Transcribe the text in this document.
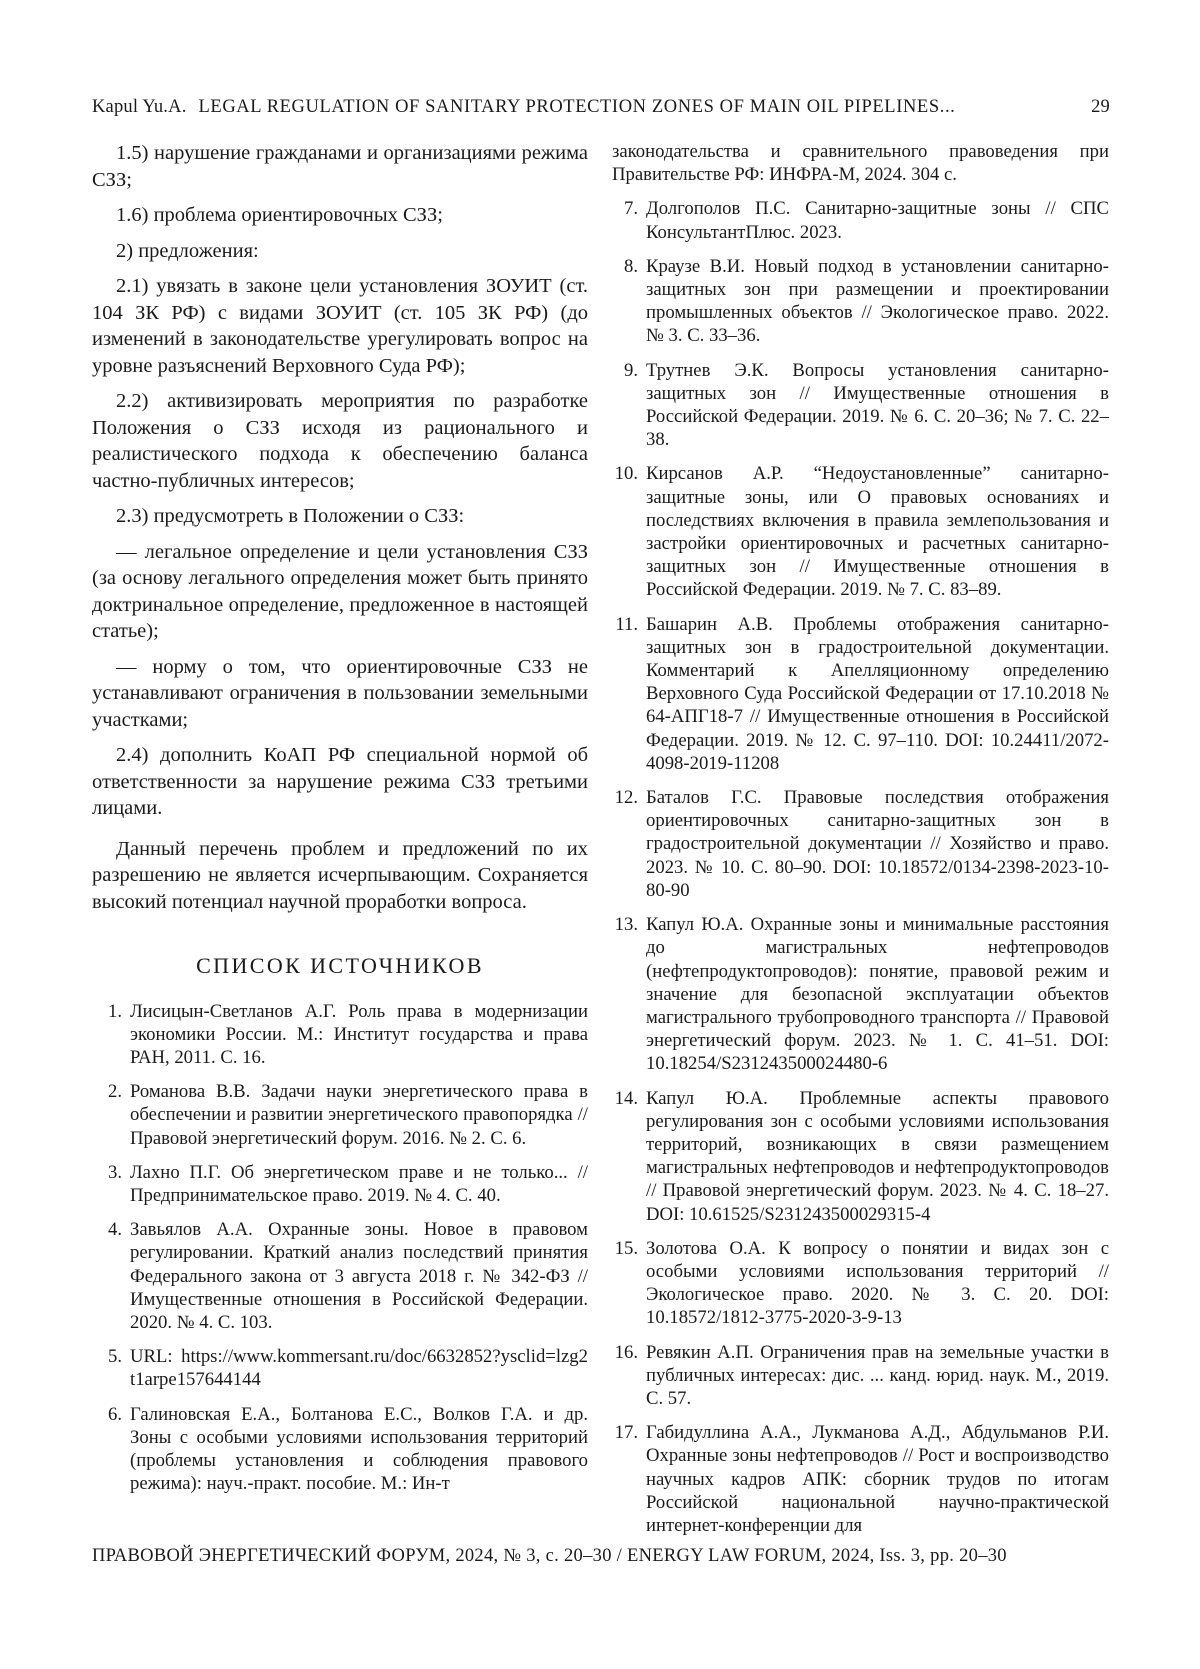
Kapul Yu.A. LEGAL REGULATION OF SANITARY PROTECTION ZONES OF MAIN OIL PIPELINES...	29

1.5) нарушение гражданами и организациями режима СЗЗ;

1.6) проблема ориентировочных СЗЗ;

2) предложения:

2.1) увязать в законе цели установления ЗОУИТ (ст. 104 ЗК РФ) с видами ЗОУИТ (ст. 105 ЗК РФ) (до изменений в законодательстве урегулировать вопрос на уровне разъяснений Верховного Суда РФ);

2.2) активизировать мероприятия по разработке Положения о СЗЗ исходя из рационального и реалистического подхода к обеспечению баланса частно-публичных интересов;

2.3) предусмотреть в Положении о СЗЗ:

— легальное определение и цели установления СЗЗ (за основу легального определения может быть принято доктринальное определение, предложенное в настоящей статье);

— норму о том, что ориентировочные СЗЗ не устанавливают ограничения в пользовании земельными участками;

2.4) дополнить КоАП РФ специальной нормой об ответственности за нарушение режима СЗЗ третьими лицами.

Данный перечень проблем и предложений по их разрешению не является исчерпывающим. Сохраняется высокий потенциал научной проработки вопроса.

СПИСОК ИСТОЧНИКОВ
1. Лисицын-Светланов А.Г. Роль права в модернизации экономики России. М.: Институт государства и права РАН, 2011. С. 16.
2. Романова В.В. Задачи науки энергетического права в обеспечении и развитии энергетического правопорядка // Правовой энергетический форум. 2016. № 2. С. 6.
3. Лахно П.Г. Об энергетическом праве и не только... // Предпринимательское право. 2019. № 4. С. 40.
4. Завьялов А.А. Охранные зоны. Новое в правовом регулировании. Краткий анализ последствий принятия Федерального закона от 3 августа 2018 г. № 342-ФЗ // Имущественные отношения в Российской Федерации. 2020. № 4. С. 103.
5. URL: https://www.kommersant.ru/doc/6632852?ysclid=lzg2t1arpe157644144
6. Галиновская Е.А., Болтанова Е.С., Волков Г.А. и др. Зоны с особыми условиями использования территорий (проблемы установления и соблюдения правового режима): науч.-практ. пособие. М.: Ин-т

законодательства и сравнительного правоведения при Правительстве РФ: ИНФРА-М, 2024. 304 с.

7. Долгополов П.С. Санитарно-защитные зоны // СПС КонсультантПлюс. 2023.
8. Краузе В.И. Новый подход в установлении санитарно-защитных зон при размещении и проектировании промышленных объектов // Экологическое право. 2022. № 3. С. 33–36.
9. Трутнев Э.К. Вопросы установления санитарно-защитных зон // Имущественные отношения в Российской Федерации. 2019. № 6. С. 20–36; № 7. С. 22–38.
10. Кирсанов А.Р. “Недоустановленные” санитарно-защитные зоны, или О правовых основаниях и последствиях включения в правила землепользования и застройки ориентировочных и расчетных санитарно-защитных зон // Имущественные отношения в Российской Федерации. 2019. № 7. С. 83–89.
11. Башарин А.В. Проблемы отображения санитарно-защитных зон в градостроительной документации. Комментарий к Апелляционному определению Верховного Суда Российской Федерации от 17.10.2018 № 64-АПГ18-7 // Имущественные отношения в Российской Федерации. 2019. № 12. С. 97–110. DOI: 10.24411/2072-4098-2019-11208
12. Баталов Г.С. Правовые последствия отображения ориентировочных санитарно-защитных зон в градостроительной документации // Хозяйство и право. 2023. № 10. С. 80–90. DOI: 10.18572/0134-2398-2023-10-80-90
13. Капул Ю.А. Охранные зоны и минимальные расстояния до магистральных нефтепроводов (нефтепродуктопроводов): понятие, правовой режим и значение для безопасной эксплуатации объектов магистрального трубопроводного транспорта // Правовой энергетический форум. 2023. № 1. С. 41–51. DOI: 10.18254/S231243500024480-6
14. Капул Ю.А. Проблемные аспекты правового регулирования зон с особыми условиями использования территорий, возникающих в связи размещением магистральных нефтепроводов и нефтепродуктопроводов // Правовой энергетический форум. 2023. № 4. С. 18–27. DOI: 10.61525/S231243500029315-4
15. Золотова О.А. К вопросу о понятии и видах зон с особыми условиями использования территорий // Экологическое право. 2020. № 3. С. 20. DOI: 10.18572/1812-3775-2020-3-9-13
16. Ревякин А.П. Ограничения прав на земельные участки в публичных интересах: дис. ... канд. юрид. наук. М., 2019. С. 57.
17. Габидуллина А.А., Лукманова А.Д., Абдульманов Р.И. Охранные зоны нефтепроводов // Рост и воспроизводство научных кадров АПК: сборник трудов по итогам Российской национальной научно-практической интернет-конференции для
ПРАВОВОЙ ЭНЕРГЕТИЧЕСКИЙ ФОРУМ, 2024, № 3, с. 20–30 / ENERGY LAW FORUM, 2024, Iss. 3, pp. 20–30
